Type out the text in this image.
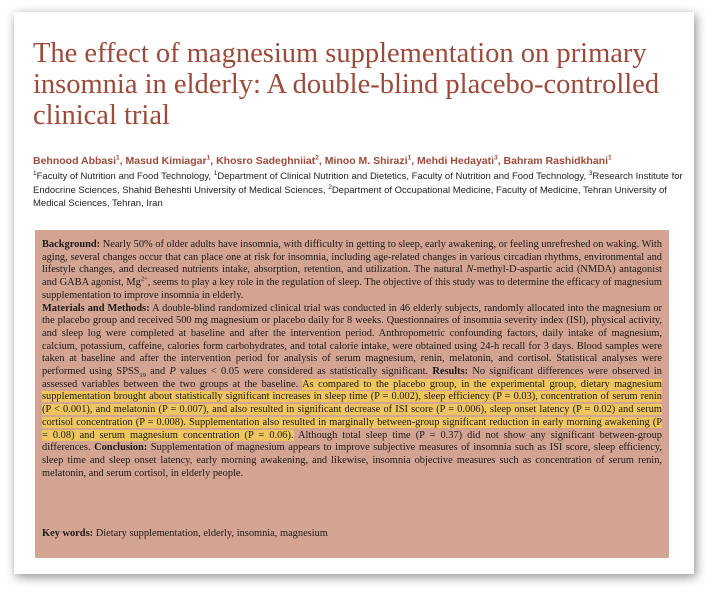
The effect of magnesium supplementation on primary insomnia in elderly: A double-blind placebo-controlled clinical trial
Behnood Abbasi$^1$, Masud Kimiagar$^1$, Khosro Sadeghniiat$^2$, Minoo M. Shirazi$^1$, Mehdi Hedayati$^3$, Bahram Rashidkhani$^1$
$^1$Faculty of Nutrition and Food Technology, $^1$Department of Clinical Nutrition and Dietetics, Faculty of Nutrition and Food Technology, $^3$Research Institute for Endocrine Sciences, Shahid Beheshti University of Medical Sciences, $^2$Department of Occupational Medicine, Faculty of Medicine, Tehran University of Medical Sciences, Tehran, Iran

Background: Nearly 50% of older adults have insomnia, with difficulty in getting to sleep, early awakening, or feeling unrefreshed on waking. With aging, several changes occur that can place one at risk for insomnia, including age-related changes in various circadian rhythms, environmental and lifestyle changes, and decreased nutrients intake, absorption, retention, and utilization. The natural N-methyl-D-aspartic acid (NMDA) antagonist and GABA agonist, $Mg^{2+}$, seems to play a key role in the regulation of sleep. The objective of this study was to determine the efficacy of magnesium supplementation to improve insomnia in elderly.
Materials and Methods: A double-blind randomized clinical trial was conducted in 46 elderly subjects, randomly allocated into the magnesium or the placebo group and received 500 mg magnesium or placebo daily for 8 weeks. Questionnaires of insomnia severity index (ISI), physical activity, and sleep log were completed at baseline and after the intervention period. Anthropometric confounding factors, daily intake of magnesium, calcium, potassium, caffeine, calories form carbohydrates, and total calorie intake, were obtained using 24-h recall for 3 days. Blood samples were taken at baseline and after the intervention period for analysis of serum magnesium, renin, melatonin, and cortisol. Statistical analyses were performed using $SPSS_{19}$ and P values < 0.05 were considered as statistically significant. Results: No significant differences were observed in assessed variables between the two groups at the baseline. As compared to the placebo group, in the experimental group, dietary magnesium supplementation brought about statistically significant increases in sleep time (P = 0.002), sleep efficiency (P = 0.03), concentration of serum renin (P < 0.001), and melatonin (P = 0.007), and also resulted in significant decrease of ISI score (P = 0.006), sleep onset latency (P = 0.02) and serum cortisol concentration (P = 0.008). Supplementation also resulted in marginally between-group significant reduction in early morning awakening (P = 0.08) and serum magnesium concentration (P = 0.06). Although total sleep time (P = 0.37) did not show any significant between-group differences. Conclusion: Supplementation of magnesium appears to improve subjective measures of insomnia such as ISI score, sleep efficiency, sleep time and sleep onset latency, early morning awakening, and likewise, insomnia objective measures such as concentration of serum renin, melatonin, and serum cortisol, in elderly people.

Key words: Dietary supplementation, elderly, insomnia, magnesium
